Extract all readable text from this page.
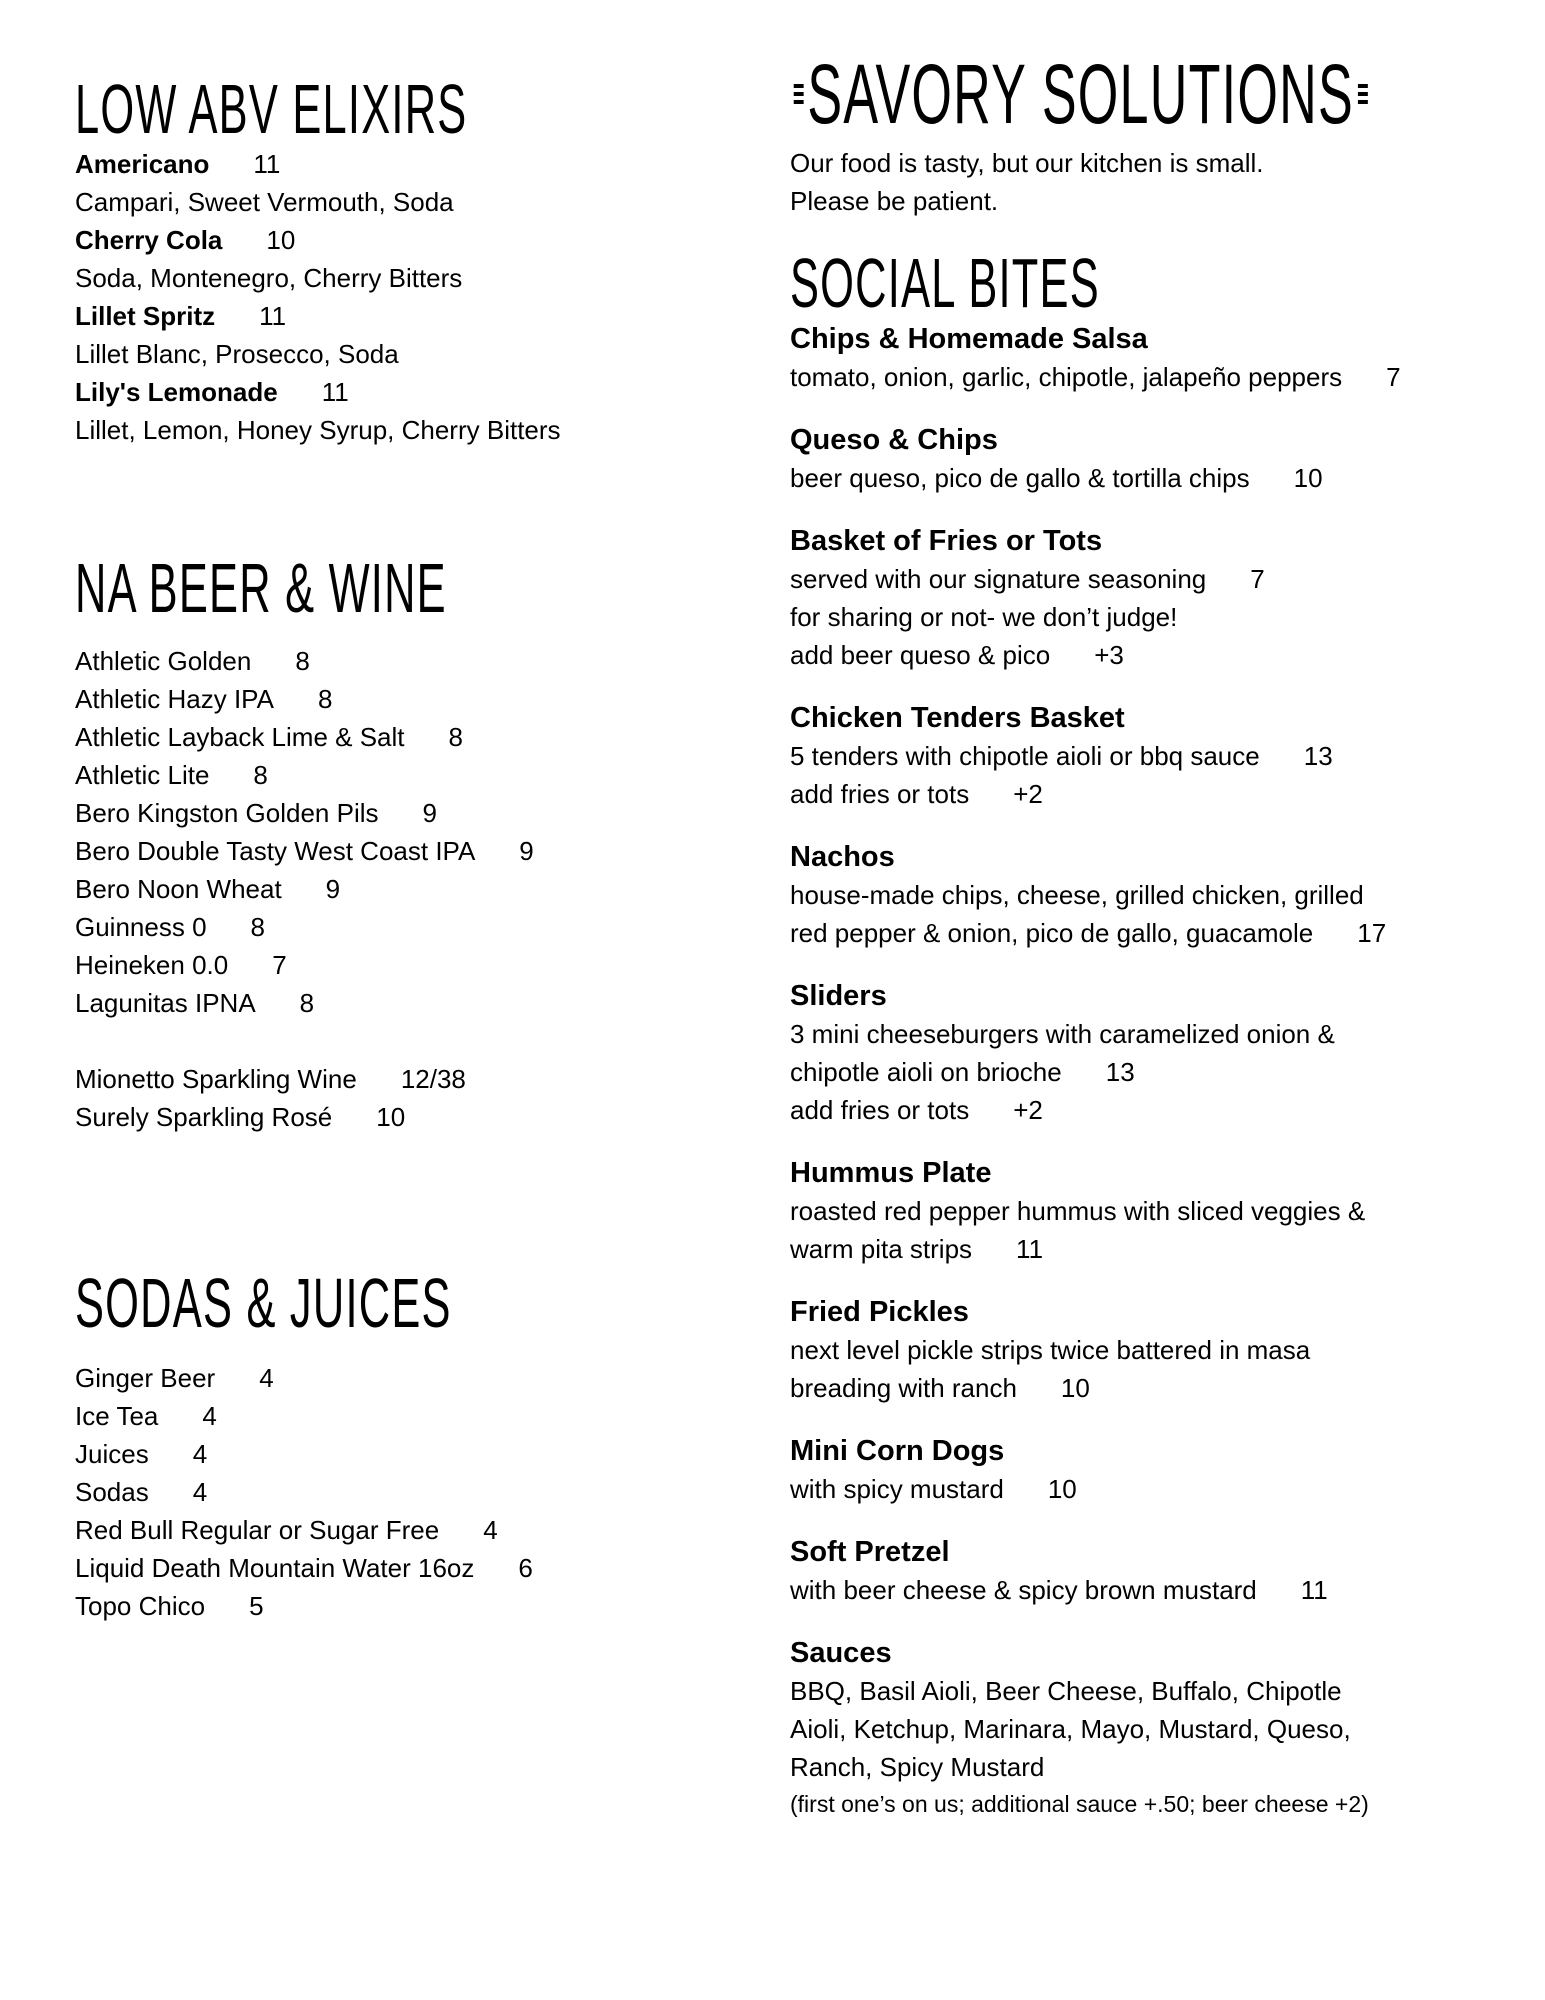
LOW ABV ELIXIRS
Americano 11
Campari, Sweet Vermouth, Soda
Cherry Cola 10
Soda, Montenegro, Cherry Bitters
Lillet Spritz 11
Lillet Blanc, Prosecco, Soda
Lily's Lemonade 11
Lillet, Lemon, Honey Syrup, Cherry Bitters
NA BEER & WINE
Athletic Golden 8
Athletic Hazy IPA 8
Athletic Layback Lime & Salt 8
Athletic Lite 8
Bero Kingston Golden Pils 9
Bero Double Tasty West Coast IPA 9
Bero Noon Wheat 9
Guinness 0 8
Heineken 0.0 7
Lagunitas IPNA 8
Mionetto Sparkling Wine 12/38
Surely Sparkling Rosé 10
SODAS & JUICES
Ginger Beer 4
Ice Tea 4
Juices 4
Sodas 4
Red Bull Regular or Sugar Free 4
Liquid Death Mountain Water 16oz 6
Topo Chico 5
SAVORY SOLUTIONS
Our food is tasty, but our kitchen is small.
Please be patient.
SOCIAL BITES
Chips & Homemade Salsa
tomato, onion, garlic, chipotle, jalapeño peppers 7
Queso & Chips
beer queso, pico de gallo & tortilla chips 10
Basket of Fries or Tots
served with our signature seasoning 7
for sharing or not- we don’t judge!
add beer queso & pico +3
Chicken Tenders Basket
5 tenders with chipotle aioli or bbq sauce 13
add fries or tots +2
Nachos
house-made chips, cheese, grilled chicken, grilled
red pepper & onion, pico de gallo, guacamole 17
Sliders
3 mini cheeseburgers with caramelized onion &
chipotle aioli on brioche 13
add fries or tots +2
Hummus Plate
roasted red pepper hummus with sliced veggies &
warm pita strips 11
Fried Pickles
next level pickle strips twice battered in masa
breading with ranch 10
Mini Corn Dogs
with spicy mustard 10
Soft Pretzel
with beer cheese & spicy brown mustard 11
Sauces
BBQ, Basil Aioli, Beer Cheese, Buffalo, Chipotle
Aioli, Ketchup, Marinara, Mayo, Mustard, Queso,
Ranch, Spicy Mustard
(first one’s on us; additional sauce +.50; beer cheese +2)
